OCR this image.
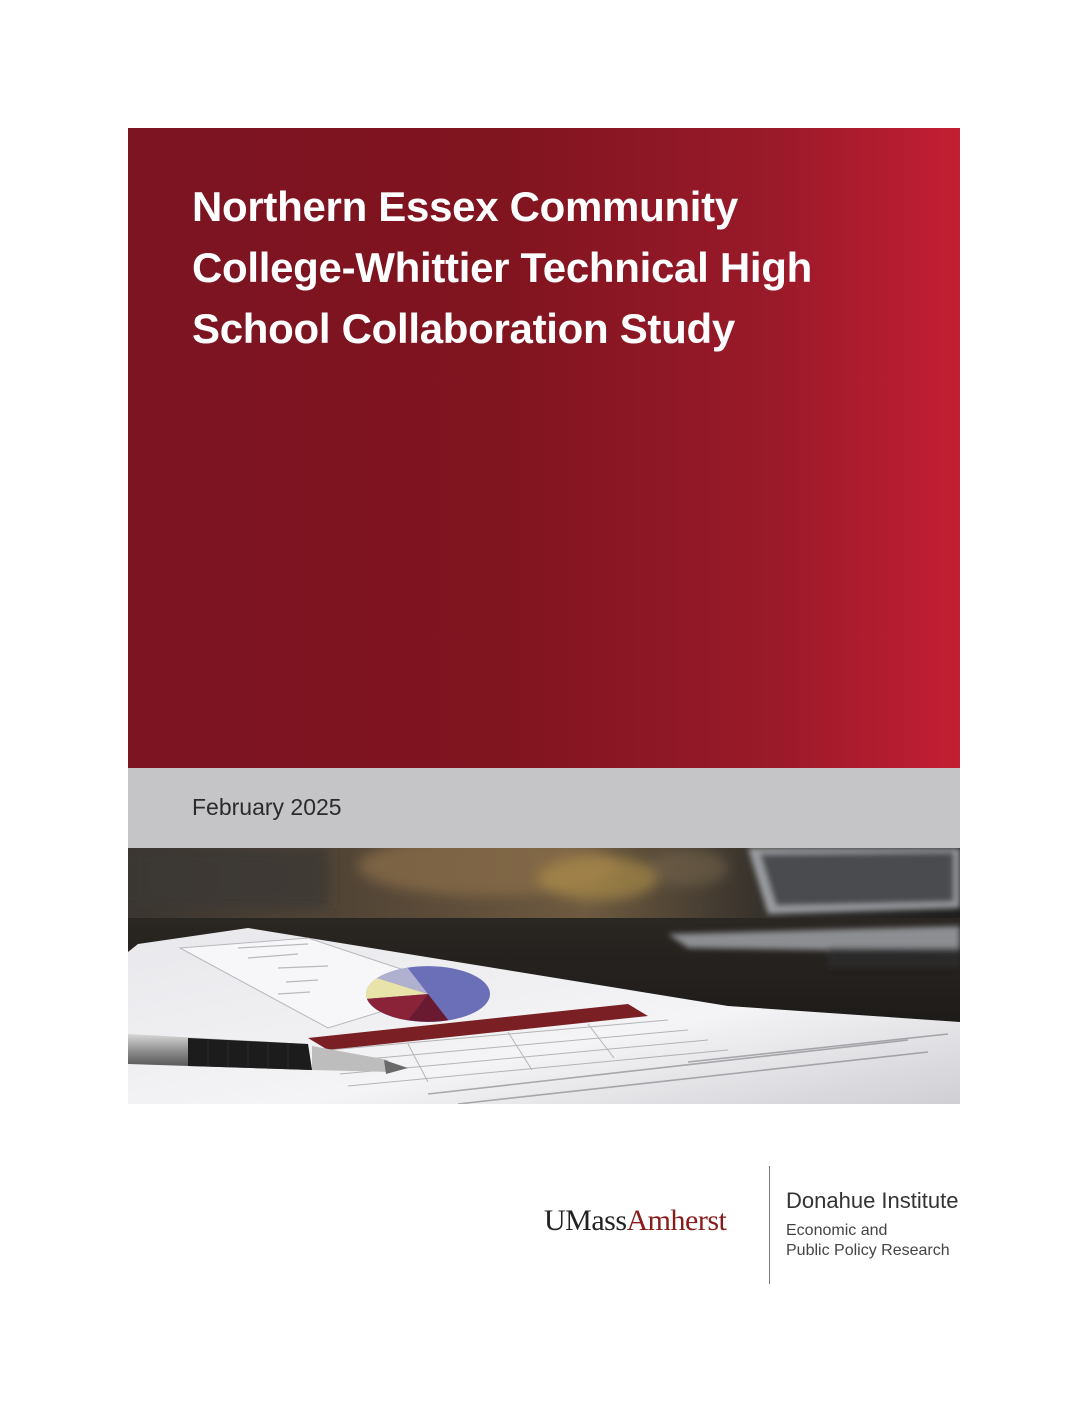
Northern Essex Community College-Whittier Technical High School Collaboration Study
February 2025
UMassAmherst
Donahue Institute
Economic and
Public Policy Research
